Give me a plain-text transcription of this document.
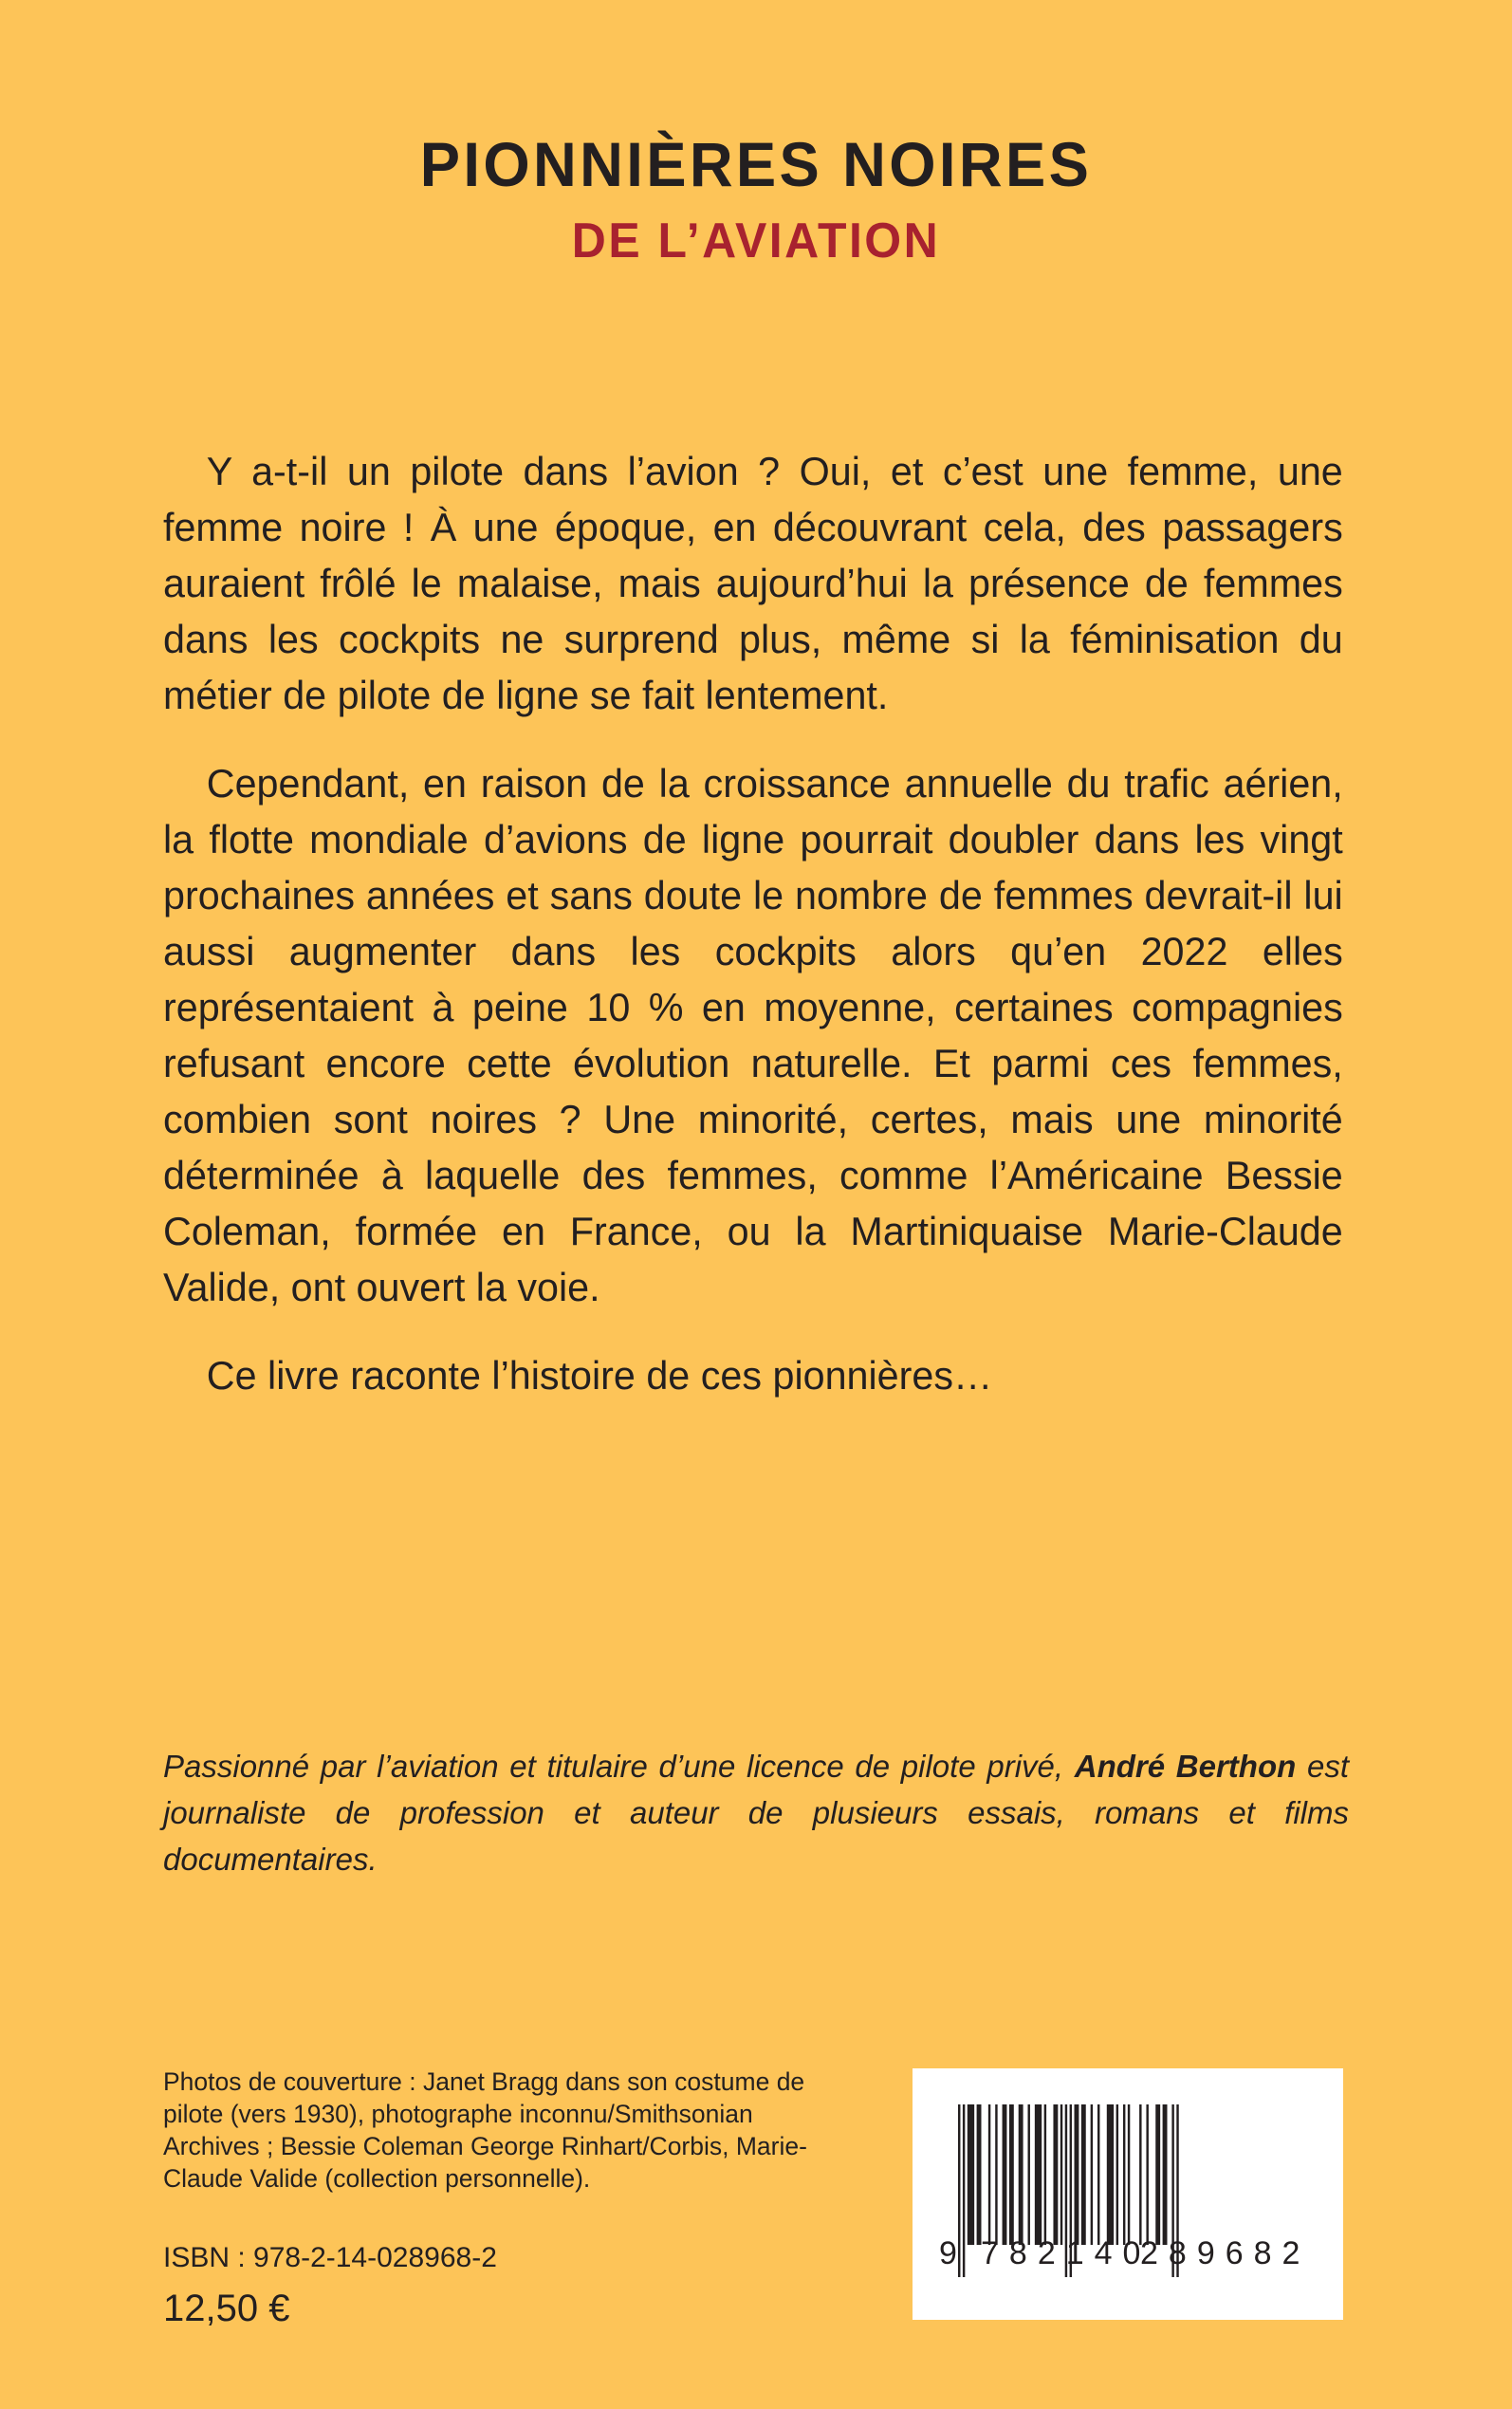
PIONNIÈRES NOIRES
DE L’AVIATION

Y a-t-il un pilote dans l’avion ? Oui, et c’est une femme, une femme noire ! À une époque, en découvrant cela, des passagers auraient frôlé le malaise, mais aujourd’hui la présence de femmes dans les cockpits ne surprend plus, même si la féminisation du métier de pilote de ligne se fait lentement.

Cependant, en raison de la croissance annuelle du trafic aérien, la flotte mondiale d’avions de ligne pourrait doubler dans les vingt prochaines années et sans doute le nombre de femmes devrait-il lui aussi augmenter dans les cockpits alors qu’en 2022 elles représentaient à peine 10 % en moyenne, certaines compagnies refusant encore cette évolution naturelle. Et parmi ces femmes, combien sont noires ? Une minorité, certes, mais une minorité déterminée à laquelle des femmes, comme l’Américaine Bessie Coleman, formée en France, ou la Martiniquaise Marie-Claude Valide, ont ouvert la voie.

Ce livre raconte l’histoire de ces pionnières…

Passionné par l’aviation et titulaire d’une licence de pilote privé, André Berthon est journaliste de profession et auteur de plusieurs essais, romans et films documentaires.

Photos de couverture : Janet Bragg dans son costume de pilote (vers 1930), photographe inconnu/Smithsonian Archives ; Bessie Coleman George Rinhart/Corbis, Marie-Claude Valide (collection personnelle).

ISBN : 978-2-14-028968-2

12,50 €

9 782140
289682
